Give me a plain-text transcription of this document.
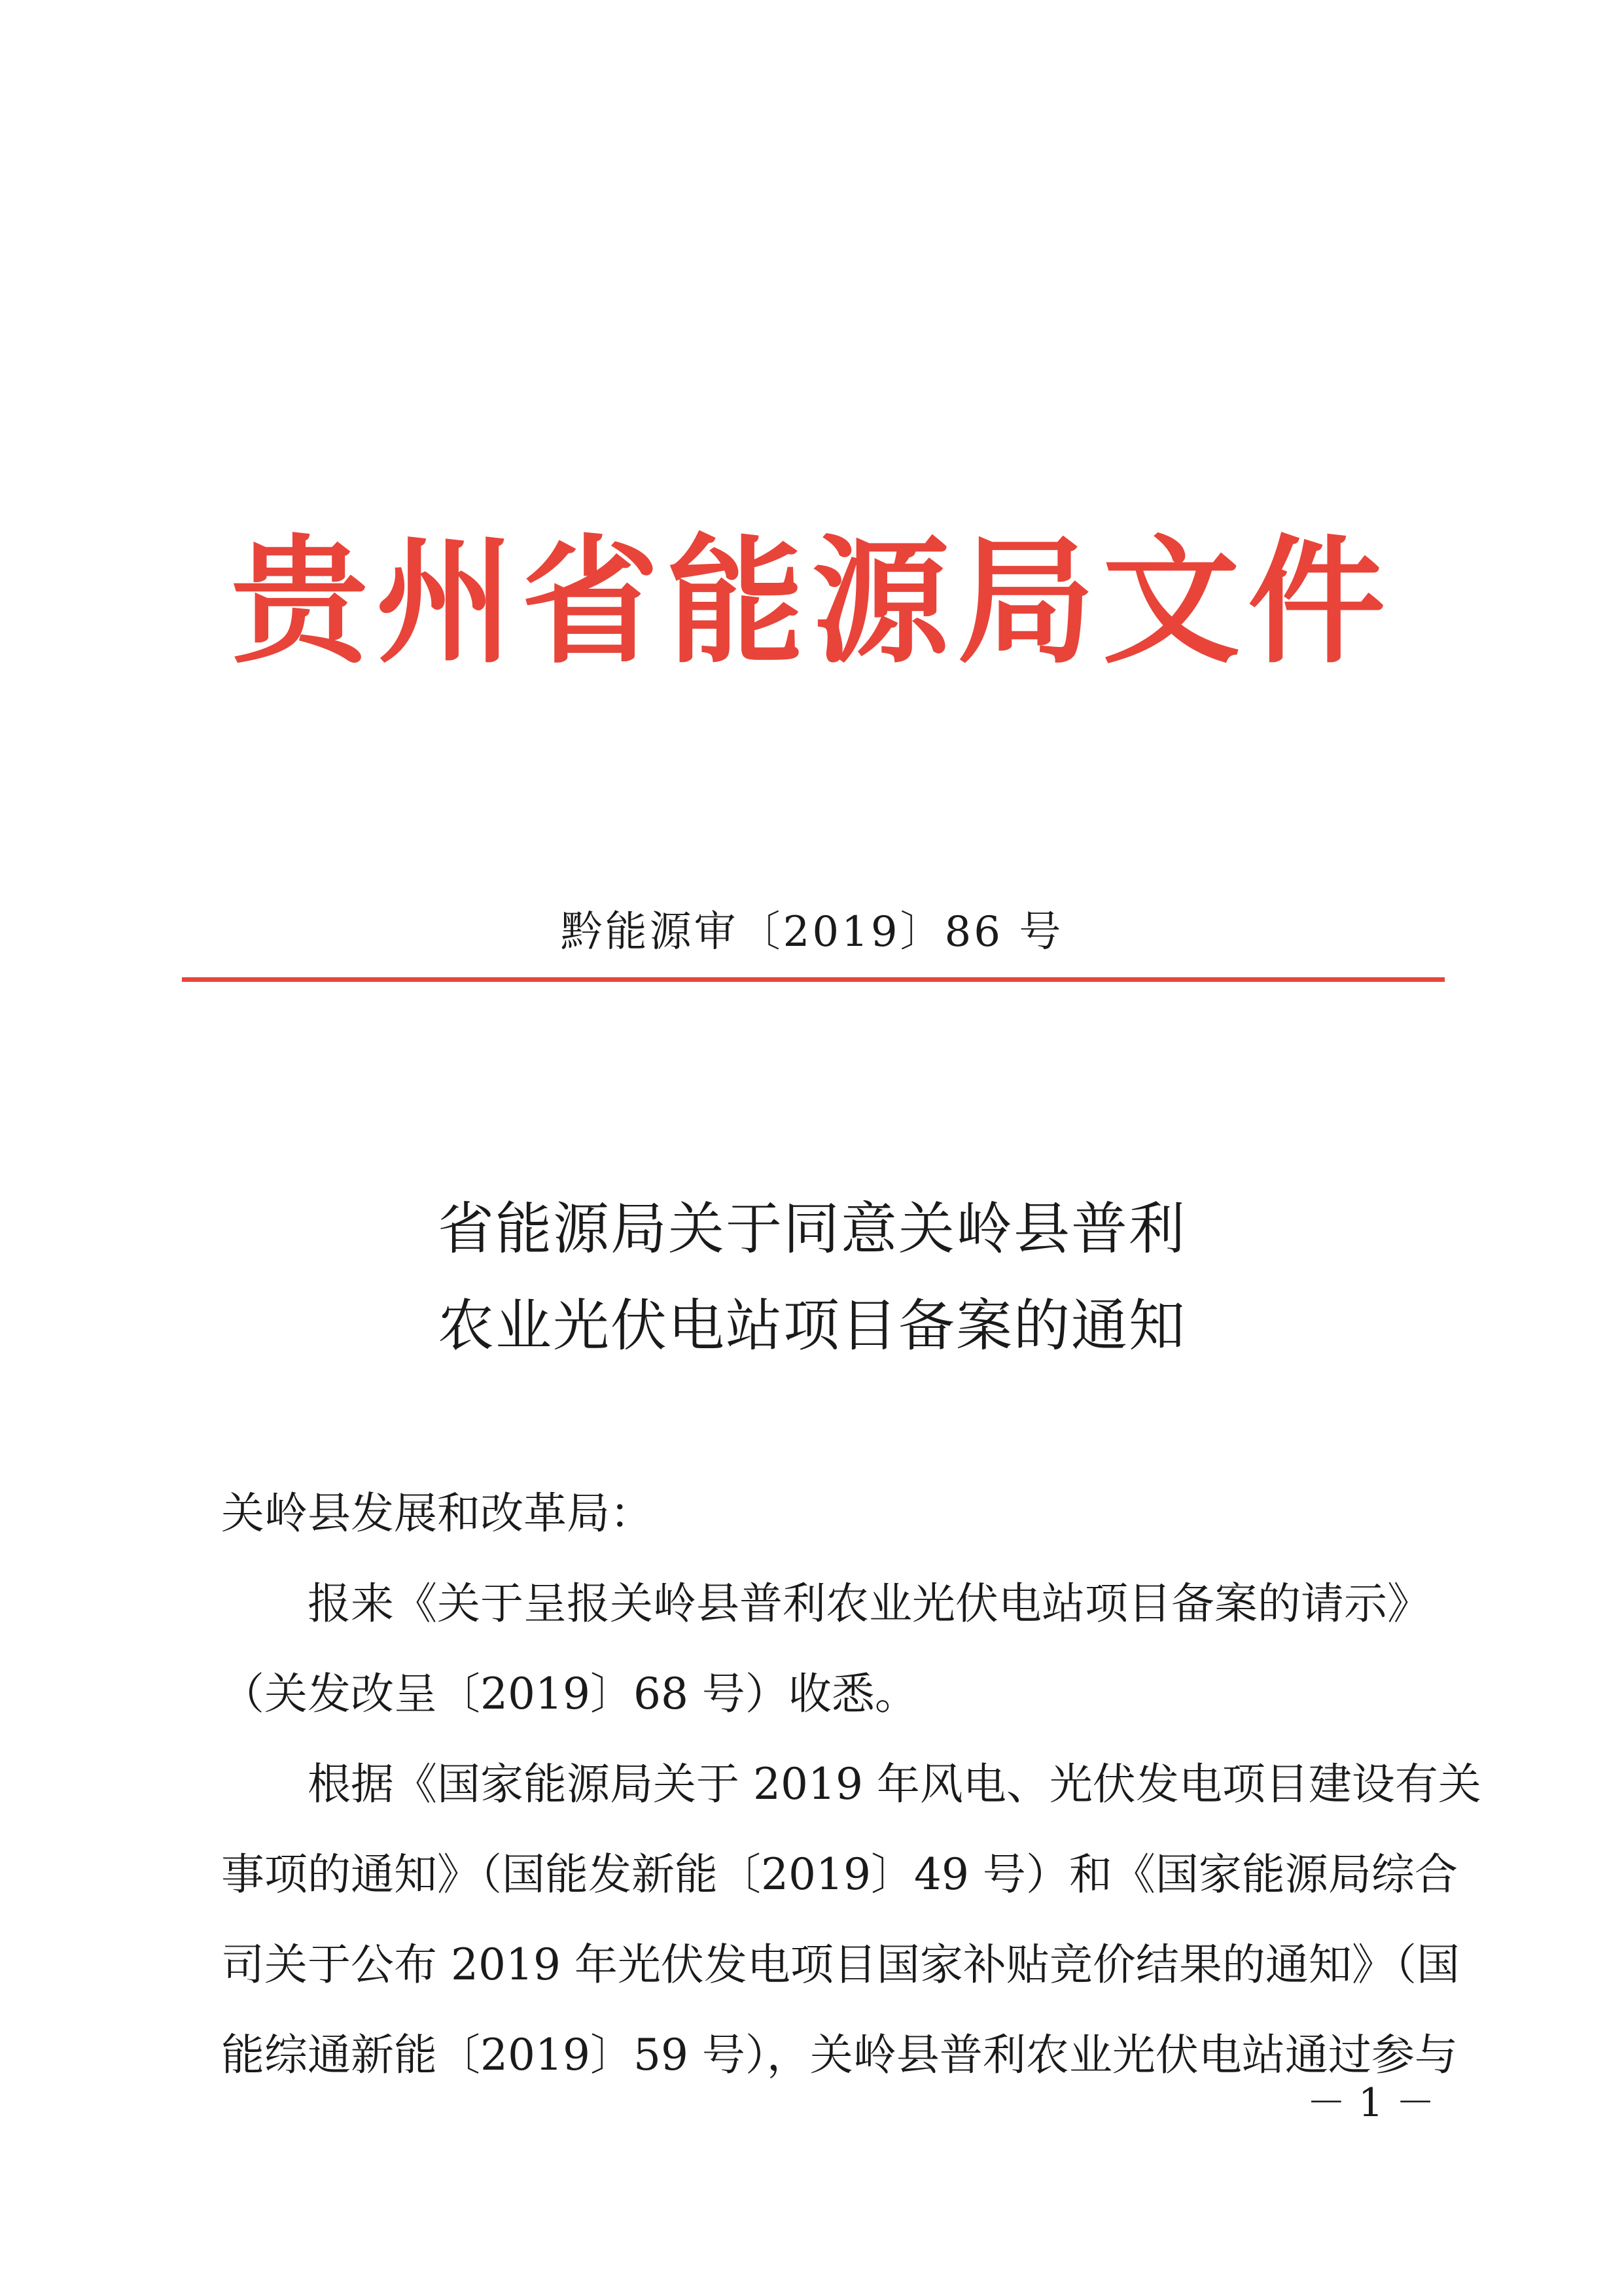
贵州省能源局文件
黔能源审〔2019〕86 号
省能源局关于同意关岭县普利
农业光伏电站项目备案的通知
关岭县发展和改革局：
报来《关于呈报关岭县普利农业光伏电站项目备案的请示》
（关发改呈〔2019〕68 号）收悉。
根据《国家能源局关于 2019 年风电、光伏发电项目建设有关
事项的通知》（国能发新能〔2019〕49 号）和《国家能源局综合
司关于公布 2019 年光伏发电项目国家补贴竞价结果的通知》（国
能综通新能〔2019〕59 号），关岭县普利农业光伏电站通过参与
－ 1 －
